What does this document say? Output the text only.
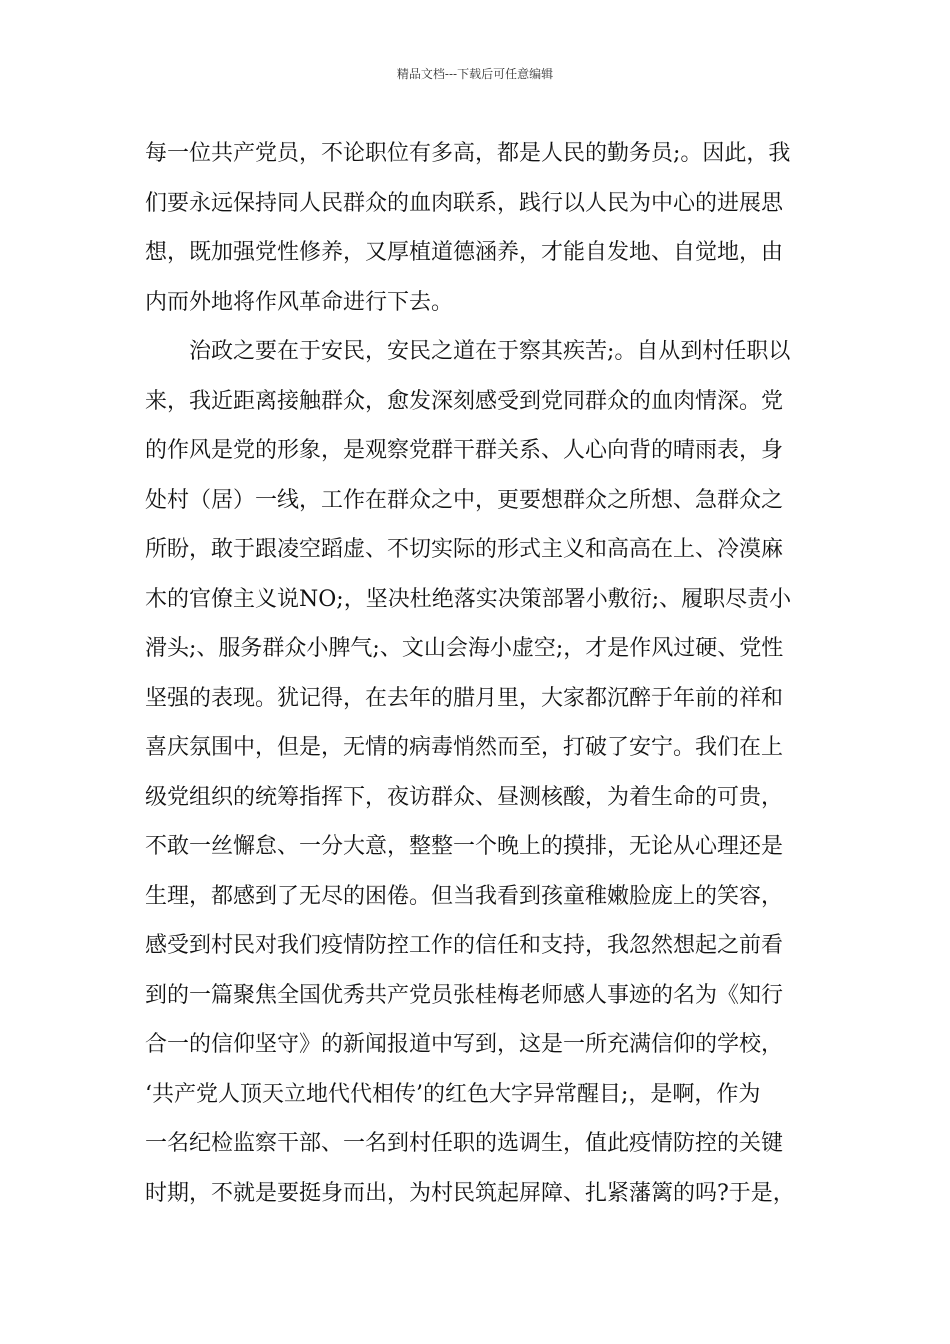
精品文档---下载后可任意编辑
每一位共产党员，不论职位有多高，都是人民的勤务员;。因此，我
们要永远保持同人民群众的血肉联系，践行以人民为中心的进展思
想，既加强党性修养，又厚植道德涵养，才能自发地、自觉地，由
内而外地将作风革命进行下去。
　　治政之要在于安民，安民之道在于察其疾苦;。自从到村任职以
来，我近距离接触群众，愈发深刻感受到党同群众的血肉情深。党
的作风是党的形象，是观察党群干群关系、人心向背的晴雨表，身
处村（居）一线，工作在群众之中，更要想群众之所想、急群众之
所盼，敢于跟凌空蹈虚、不切实际的形式主义和高高在上、冷漠麻
木的官僚主义说NO;，坚决杜绝落实决策部署小敷衍;、履职尽责小
滑头;、服务群众小脾气;、文山会海小虚空;，才是作风过硬、党性
坚强的表现。犹记得，在去年的腊月里，大家都沉醉于年前的祥和
喜庆氛围中，但是，无情的病毒悄然而至，打破了安宁。我们在上
级党组织的统筹指挥下，夜访群众、昼测核酸，为着生命的可贵，
不敢一丝懈怠、一分大意，整整一个晚上的摸排，无论从心理还是
生理，都感到了无尽的困倦。但当我看到孩童稚嫩脸庞上的笑容，
感受到村民对我们疫情防控工作的信任和支持，我忽然想起之前看
到的一篇聚焦全国优秀共产党员张桂梅老师感人事迹的名为《知行
合一的信仰坚守》的新闻报道中写到，这是一所充满信仰的学校，
‘共产党人顶天立地代代相传’的红色大字异常醒目;，是啊，作为
一名纪检监察干部、一名到村任职的选调生，值此疫情防控的关键
时期，不就是要挺身而出，为村民筑起屏障、扎紧藩篱的吗?于是，
